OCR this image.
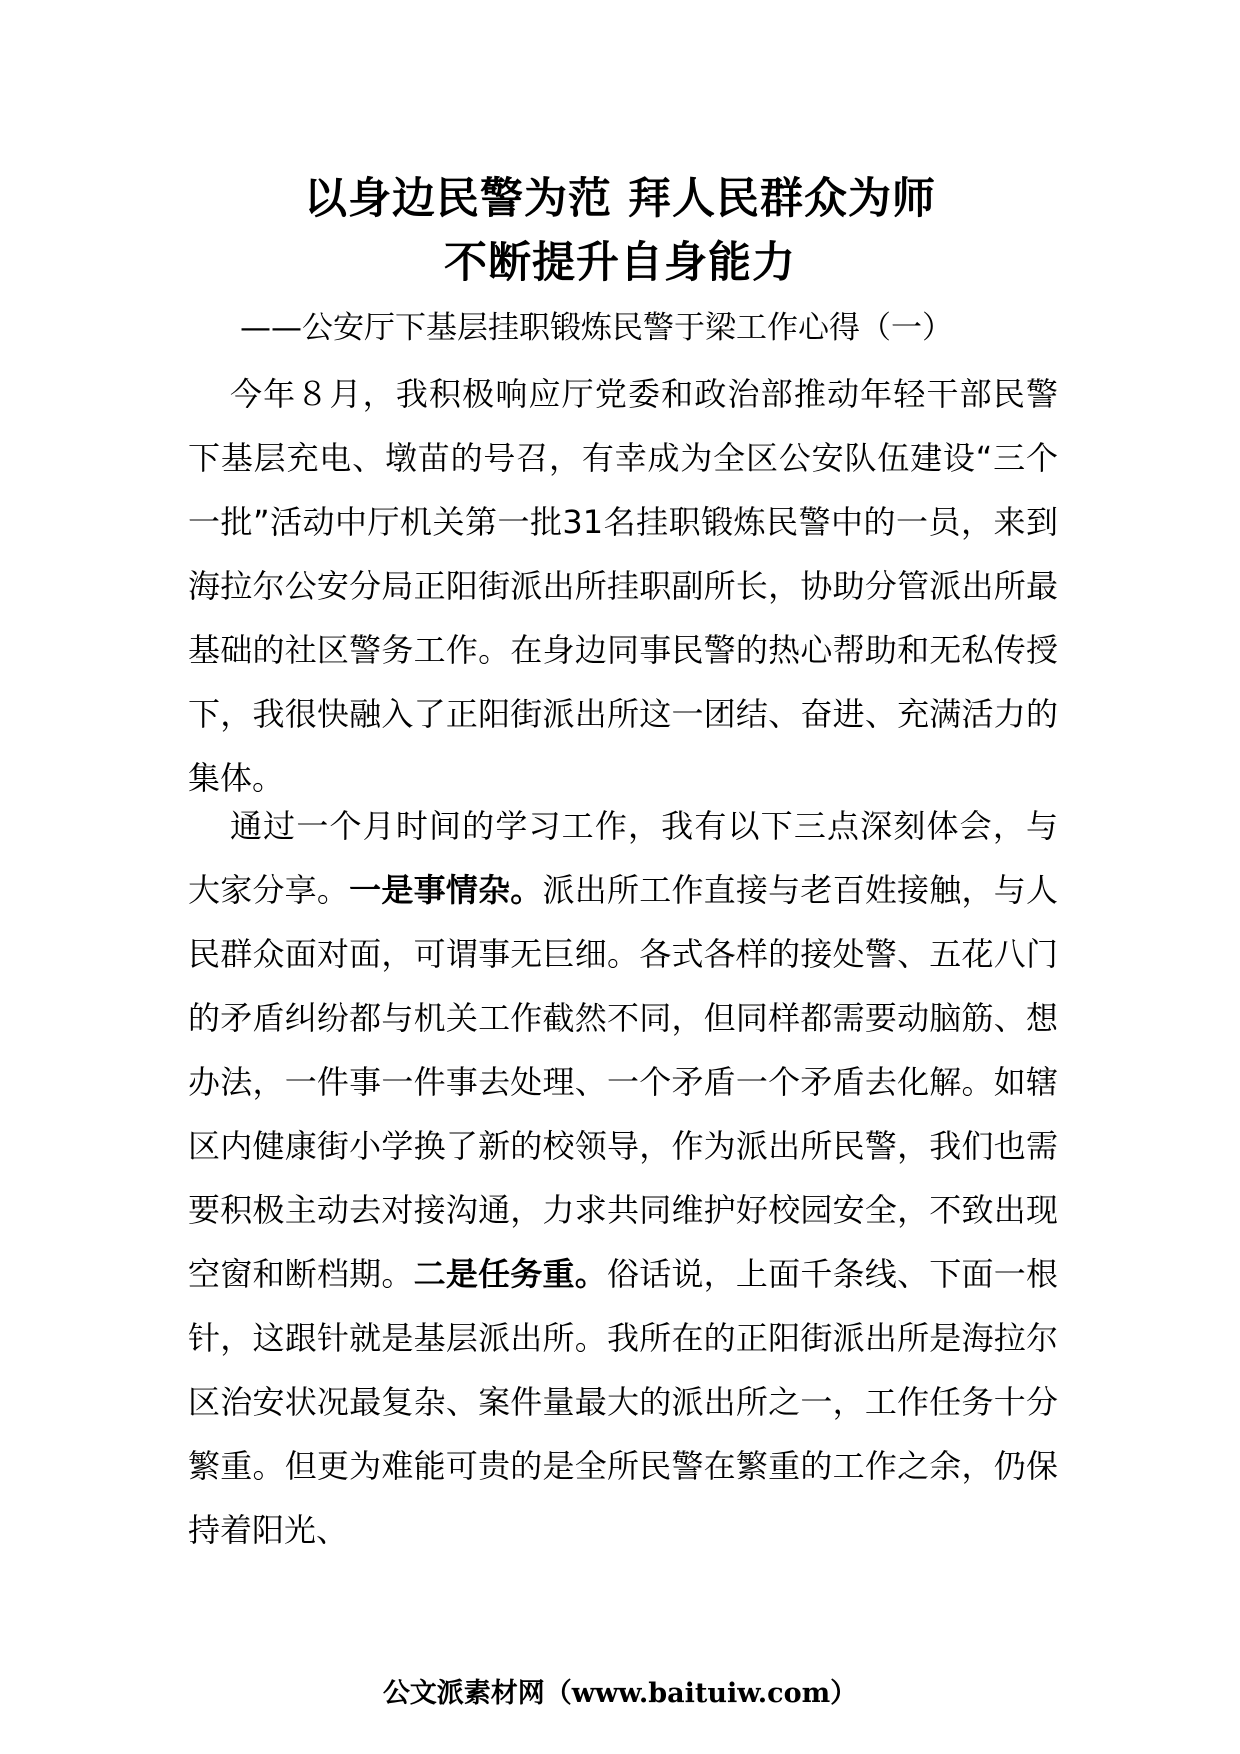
以身边民警为范 拜人民群众为师
不断提升自身能力

——公安厅下基层挂职锻炼民警于梁工作心得（一）

今年８月，我积极响应厅党委和政治部推动年轻干部民警下基层充电、墩苗的号召，有幸成为全区公安队伍建设“三个一批”活动中厅机关第一批31名挂职锻炼民警中的一员，来到海拉尔公安分局正阳街派出所挂职副所长，协助分管派出所最基础的社区警务工作。在身边同事民警的热心帮助和无私传授下，我很快融入了正阳街派出所这一团结、奋进、充满活力的集体。

通过一个月时间的学习工作，我有以下三点深刻体会，与大家分享。一是事情杂。派出所工作直接与老百姓接触，与人民群众面对面，可谓事无巨细。各式各样的接处警、五花八门的矛盾纠纷都与机关工作截然不同，但同样都需要动脑筋、想办法，一件事一件事去处理、一个矛盾一个矛盾去化解。如辖区内健康街小学换了新的校领导，作为派出所民警，我们也需要积极主动去对接沟通，力求共同维护好校园安全，不致出现空窗和断档期。二是任务重。俗话说，上面千条线、下面一根针，这跟针就是基层派出所。我所在的正阳街派出所是海拉尔区治安状况最复杂、案件量最大的派出所之一，工作任务十分繁重。但更为难能可贵的是全所民警在繁重的工作之余，仍保持着阳光、

公文派素材网（www.baituiw.com）
